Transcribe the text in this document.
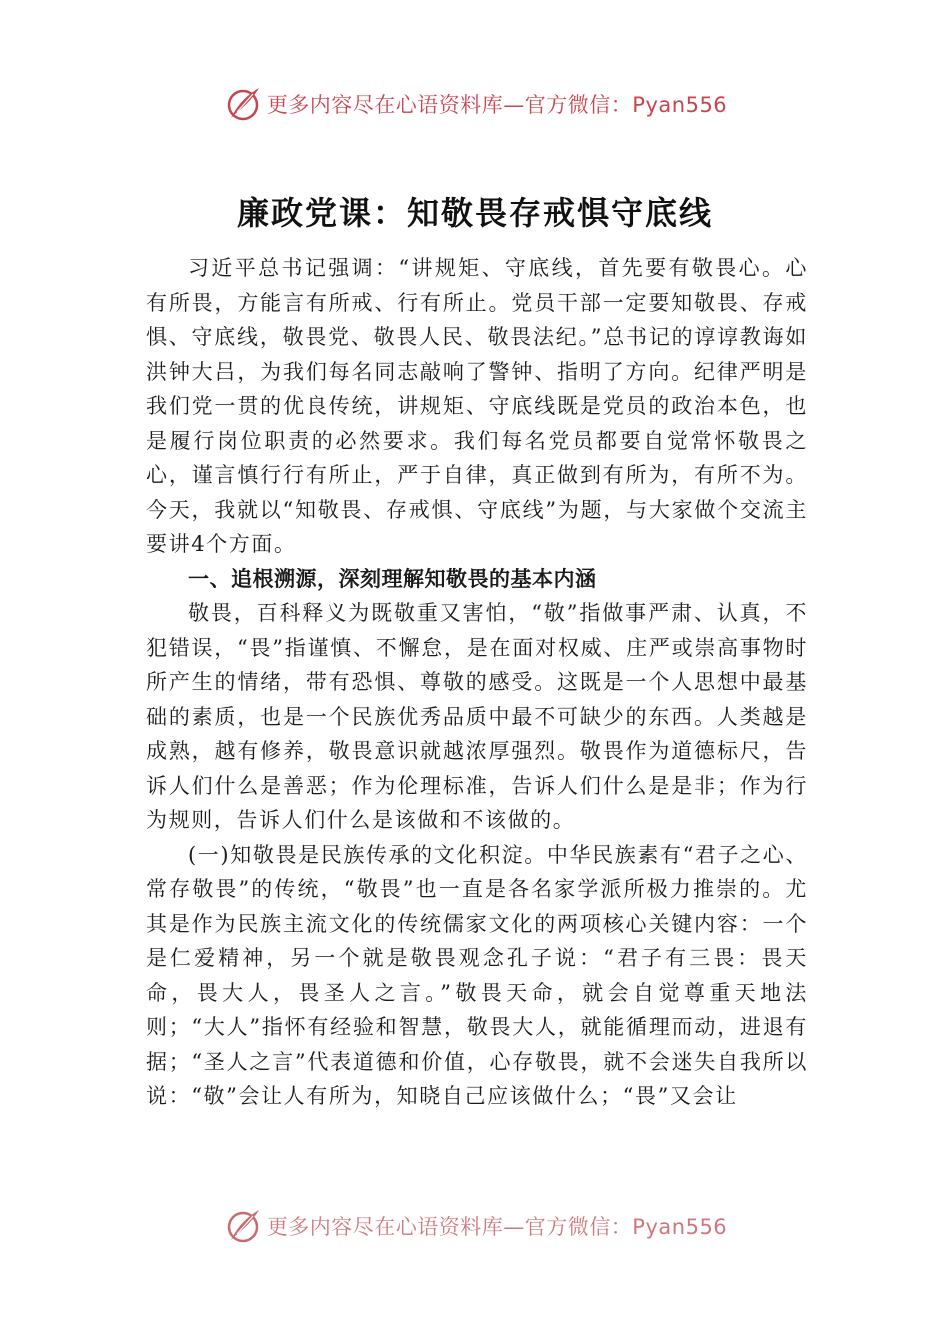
更多内容尽在心语资料库—官方微信：Pyan556
廉政党课：知敬畏存戒惧守底线

习近平总书记强调：“讲规矩、守底线，首先要有敬畏心。心有所畏，方能言有所戒、行有所止。党员干部一定要知敬畏、存戒惧、守底线，敬畏党、敬畏人民、敬畏法纪。”总书记的谆谆教诲如洪钟大吕，为我们每名同志敲响了警钟、指明了方向。纪律严明是我们党一贯的优良传统，讲规矩、守底线既是党员的政治本色，也是履行岗位职责的必然要求。我们每名党员都要自觉常怀敬畏之心，谨言慎行行有所止，严于自律，真正做到有所为，有所不为。今天，我就以“知敬畏、存戒惧、守底线”为题，与大家做个交流主要讲4个方面。

一、追根溯源，深刻理解知敬畏的基本内涵

敬畏，百科释义为既敬重又害怕，“敬”指做事严肃、认真，不犯错误，“畏”指谨慎、不懈怠，是在面对权威、庄严或崇高事物时所产生的情绪，带有恐惧、尊敬的感受。这既是一个人思想中最基础的素质，也是一个民族优秀品质中最不可缺少的东西。人类越是成熟，越有修养，敬畏意识就越浓厚强烈。敬畏作为道德标尺，告诉人们什么是善恶；作为伦理标准，告诉人们什么是是非；作为行为规则，告诉人们什么是该做和不该做的。

(一)知敬畏是民族传承的文化积淀。中华民族素有“君子之心、常存敬畏”的传统，“敬畏”也一直是各名家学派所极力推崇的。尤其是作为民族主流文化的传统儒家文化的两项核心关键内容：一个是仁爱精神，另一个就是敬畏观念孔子说：“君子有三畏：畏天命，畏大人，畏圣人之言。”敬畏天命，就会自觉尊重天地法则；“大人”指怀有经验和智慧，敬畏大人，就能循理而动，进退有据；“圣人之言”代表道德和价值，心存敬畏，就不会迷失自我所以说：“敬”会让人有所为，知晓自己应该做什么；“畏”又会让

更多内容尽在心语资料库—官方微信：Pyan556
